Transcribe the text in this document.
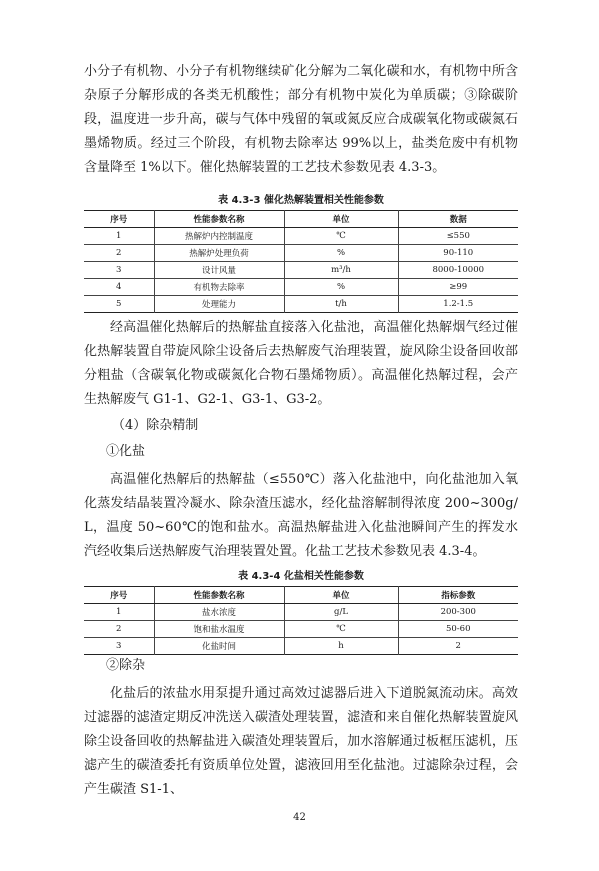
小分子有机物、小分子有机物继续矿化分解为二氧化碳和水，有机物中所含杂原子分解形成的各类无机酸性；部分有机物中炭化为单质碳；③除碳阶段，温度进一步升高，碳与气体中残留的氧或氮反应合成碳氧化物或碳氮石墨烯物质。经过三个阶段，有机物去除率达 99%以上，盐类危废中有机物含量降至 1%以下。催化热解装置的工艺技术参数见表 4.3-3。

表 4.3-3 催化热解装置相关性能参数

序号	性能参数名称	单位	数据
1	热解炉内控制温度	℃	≤550
2	热解炉处理负荷	%	90-110
3	设计风量	m³/h	8000-10000
4	有机物去除率	%	≥99
5	处理能力	t/h	1.2-1.5

经高温催化热解后的热解盐直接落入化盐池，高温催化热解烟气经过催化热解装置自带旋风除尘设备后去热解废气治理装置，旋风除尘设备回收部分粗盐（含碳氧化物或碳氮化合物石墨烯物质）。高温催化热解过程，会产生热解废气 G1-1、G2-1、G3-1、G3-2。

（4）除杂精制

①化盐

高温催化热解后的热解盐（≤550℃）落入化盐池中，向化盐池加入氧化蒸发结晶装置冷凝水、除杂渣压滤水，经化盐溶解制得浓度 200~300g/L，温度 50~60℃的饱和盐水。高温热解盐进入化盐池瞬间产生的挥发水汽经收集后送热解废气治理装置处置。化盐工艺技术参数见表 4.3-4。

表 4.3-4 化盐相关性能参数

序号	性能参数名称	单位	指标参数
1	盐水浓度	g/L	200-300
2	饱和盐水温度	℃	50-60
3	化盐时间	h	2

②除杂

化盐后的浓盐水用泵提升通过高效过滤器后进入下道脱氮流动床。高效过滤器的滤渣定期反冲洗送入碳渣处理装置，滤渣和来自催化热解装置旋风除尘设备回收的热解盐进入碳渣处理装置后，加水溶解通过板框压滤机，压滤产生的碳渣委托有资质单位处置，滤液回用至化盐池。过滤除杂过程，会产生碳渣 S1-1、

42
